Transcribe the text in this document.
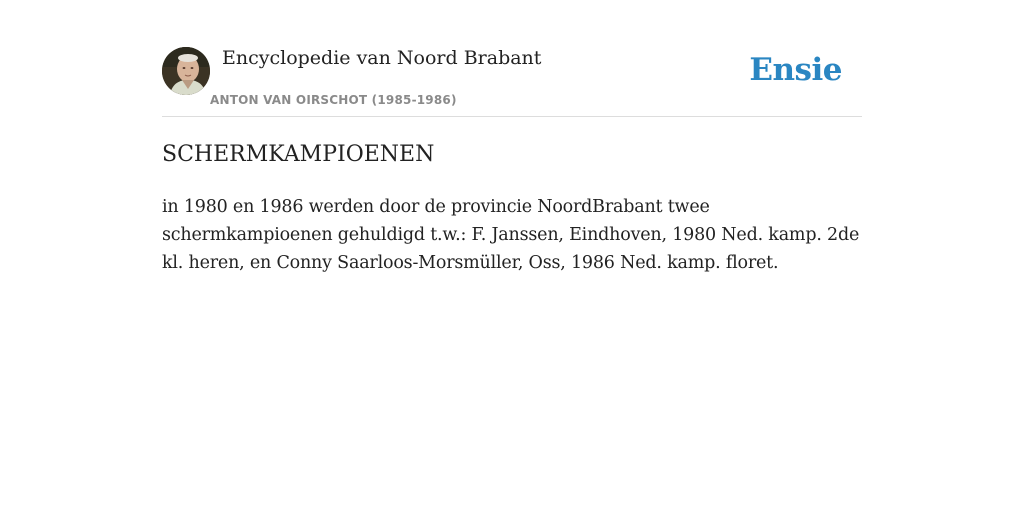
Encyclopedie van Noord Brabant
ANTON VAN OIRSCHOT (1985-1986)
Ensie
SCHERMKAMPIOENEN

in 1980 en 1986 werden door de provincie NoordBrabant twee schermkampioenen gehuldigd t.w.: F. Janssen, Eindhoven, 1980 Ned. kamp. 2de kl. heren, en Conny Saarloos-Morsmüller, Oss, 1986 Ned. kamp. floret.
